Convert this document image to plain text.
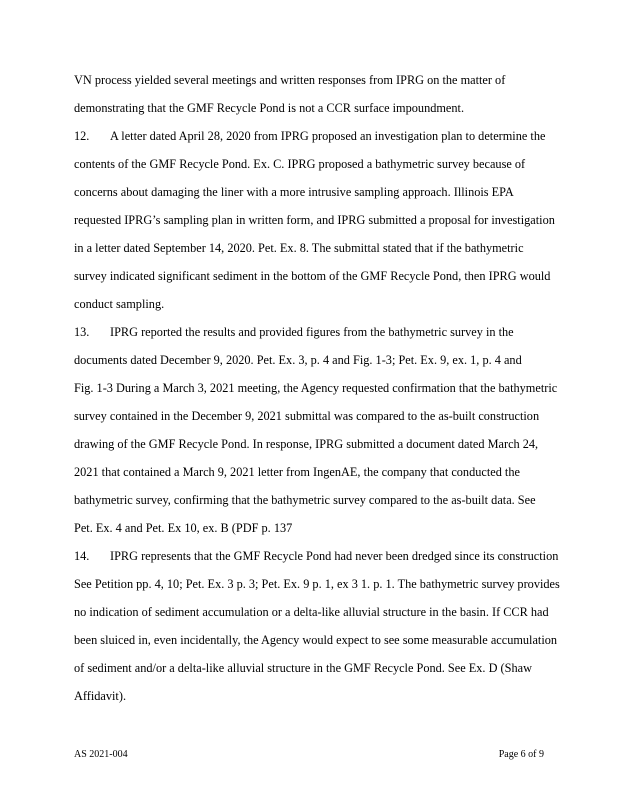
VN process yielded several meetings and written responses from IPRG on the matter of
demonstrating that the GMF Recycle Pond is not a CCR surface impoundment.
12. A letter dated April 28, 2020 from IPRG proposed an investigation plan to determine the
contents of the GMF Recycle Pond. Ex. C. IPRG proposed a bathymetric survey because of
concerns about damaging the liner with a more intrusive sampling approach. Illinois EPA
requested IPRG’s sampling plan in written form, and IPRG submitted a proposal for investigation
in a letter dated September 14, 2020. Pet. Ex. 8. The submittal stated that if the bathymetric
survey indicated significant sediment in the bottom of the GMF Recycle Pond, then IPRG would
conduct sampling.
13. IPRG reported the results and provided figures from the bathymetric survey in the
documents dated December 9, 2020. Pet. Ex. 3, p. 4 and Fig. 1-3; Pet. Ex. 9, ex. 1, p. 4 and
Fig. 1-3 During a March 3, 2021 meeting, the Agency requested confirmation that the bathymetric
survey contained in the December 9, 2021 submittal was compared to the as-built construction
drawing of the GMF Recycle Pond. In response, IPRG submitted a document dated March 24,
2021 that contained a March 9, 2021 letter from IngenAE, the company that conducted the
bathymetric survey, confirming that the bathymetric survey compared to the as-built data. See
Pet. Ex. 4 and Pet. Ex 10, ex. B (PDF p. 137
14. IPRG represents that the GMF Recycle Pond had never been dredged since its construction
See Petition pp. 4, 10; Pet. Ex. 3 p. 3; Pet. Ex. 9 p. 1, ex 3 1. p. 1. The bathymetric survey provides
no indication of sediment accumulation or a delta-like alluvial structure in the basin. If CCR had
been sluiced in, even incidentally, the Agency would expect to see some measurable accumulation
of sediment and/or a delta-like alluvial structure in the GMF Recycle Pond. See Ex. D (Shaw
Affidavit).
AS 2021-004	Page 6 of 9
